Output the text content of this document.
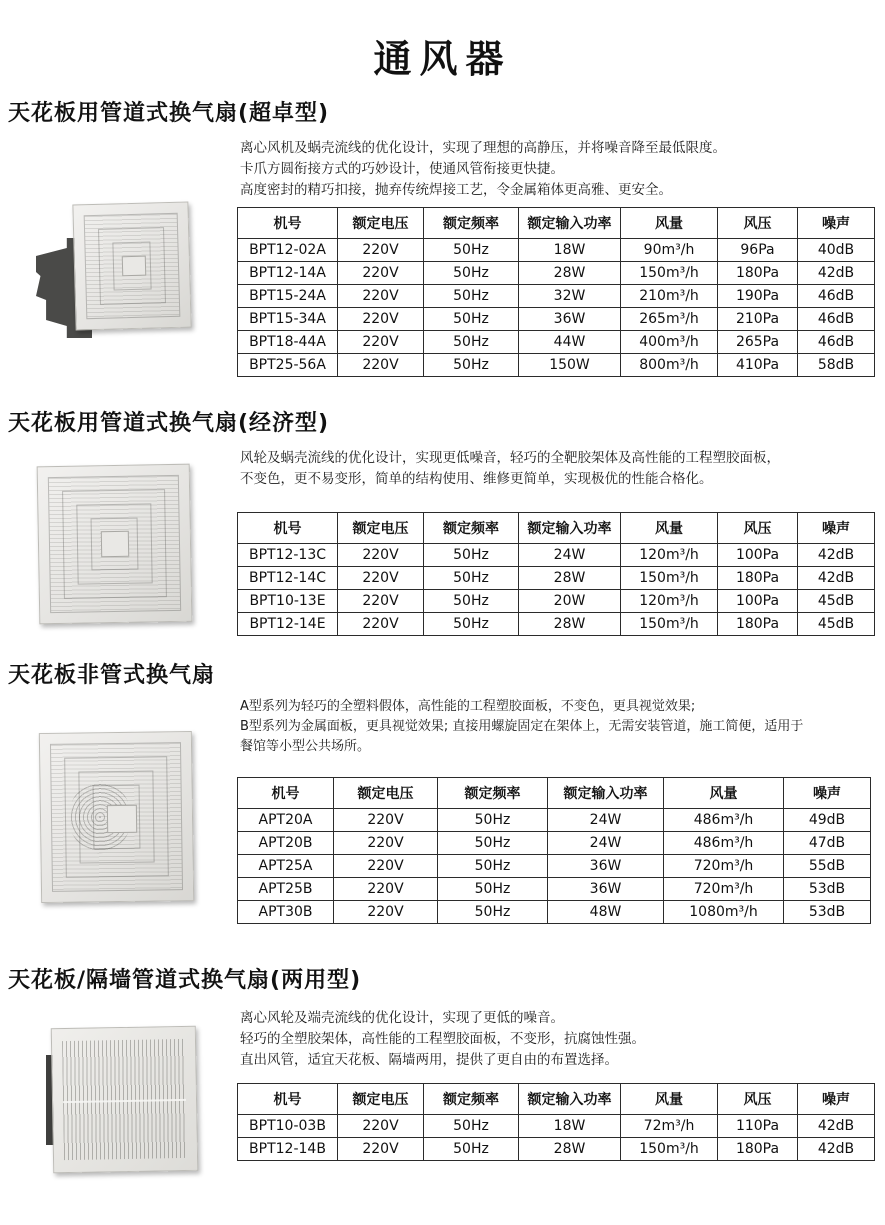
通风器
天花板用管道式换气扇(超卓型)
离心风机及蜗壳流线的优化设计，实现了理想的高静压，并将噪音降至最低限度。
卡爪方圆衔接方式的巧妙设计，使通风管衔接更快捷。
高度密封的精巧扣接，抛弃传统焊接工艺，令金属箱体更高雅、更安全。
机号	额定电压	额定频率	额定输入功率	风量	风压	噪声
BPT12-02A	220V	50Hz	18W	90m³/h	96Pa	40dB
BPT12-14A	220V	50Hz	28W	150m³/h	180Pa	42dB
BPT15-24A	220V	50Hz	32W	210m³/h	190Pa	46dB
BPT15-34A	220V	50Hz	36W	265m³/h	210Pa	46dB
BPT18-44A	220V	50Hz	44W	400m³/h	265Pa	46dB
BPT25-56A	220V	50Hz	150W	800m³/h	410Pa	58dB
天花板用管道式换气扇(经济型)
风轮及蜗壳流线的优化设计，实现更低噪音，轻巧的全靶胶架体及高性能的工程塑胶面板，
不变色，更不易变形，简单的结构使用、维修更简单，实现极优的性能合格化。
机号	额定电压	额定频率	额定输入功率	风量	风压	噪声
BPT12-13C	220V	50Hz	24W	120m³/h	100Pa	42dB
BPT12-14C	220V	50Hz	28W	150m³/h	180Pa	42dB
BPT10-13E	220V	50Hz	20W	120m³/h	100Pa	45dB
BPT12-14E	220V	50Hz	28W	150m³/h	180Pa	45dB
天花板非管式换气扇
A型系列为轻巧的全塑料假体，高性能的工程塑胶面板，不变色，更具视觉效果;
B型系列为金属面板，更具视觉效果; 直接用螺旋固定在架体上，无需安装管道，施工简便，适用于
餐馆等小型公共场所。
机号	额定电压	额定频率	额定输入功率	风量	噪声
APT20A	220V	50Hz	24W	486m³/h	49dB
APT20B	220V	50Hz	24W	486m³/h	47dB
APT25A	220V	50Hz	36W	720m³/h	55dB
APT25B	220V	50Hz	36W	720m³/h	53dB
APT30B	220V	50Hz	48W	1080m³/h	53dB
天花板/隔墙管道式换气扇(两用型)
离心风轮及端壳流线的优化设计，实现了更低的噪音。
轻巧的全塑胶架体，高性能的工程塑胶面板，不变形，抗腐蚀性强。
直出风管，适宜天花板、隔墙两用，提供了更自由的布置选择。
机号	额定电压	额定频率	额定输入功率	风量	风压	噪声
BPT10-03B	220V	50Hz	18W	72m³/h	110Pa	42dB
BPT12-14B	220V	50Hz	28W	150m³/h	180Pa	42dB
